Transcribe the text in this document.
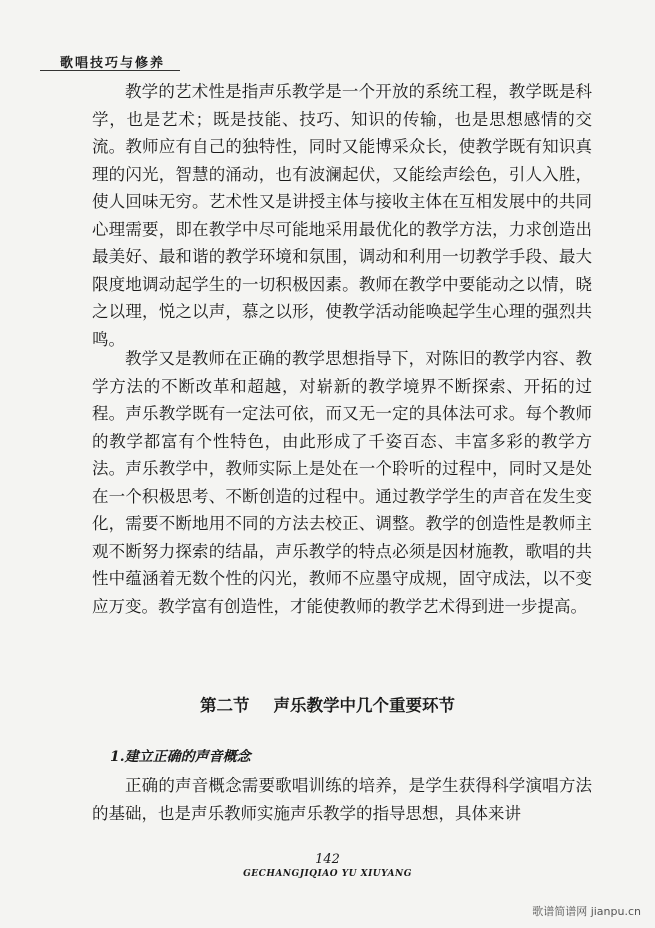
歌唱技巧与修养

教学的艺术性是指声乐教学是一个开放的系统工程，教学既是科学，也是艺术；既是技能、技巧、知识的传输，也是思想感情的交流。教师应有自己的独特性，同时又能博采众长，使教学既有知识真理的闪光，智慧的涌动，也有波澜起伏，又能绘声绘色，引人入胜，使人回味无穷。艺术性又是讲授主体与接收主体在互相发展中的共同心理需要，即在教学中尽可能地采用最优化的教学方法，力求创造出最美好、最和谐的教学环境和氛围，调动和利用一切教学手段、最大限度地调动起学生的一切积极因素。教师在教学中要能动之以情，晓之以理，悦之以声，慕之以形，使教学活动能唤起学生心理的强烈共鸣。

教学又是教师在正确的教学思想指导下，对陈旧的教学内容、教学方法的不断改革和超越，对崭新的教学境界不断探索、开拓的过程。声乐教学既有一定法可依，而又无一定的具体法可求。每个教师的教学都富有个性特色，由此形成了千姿百态、丰富多彩的教学方法。声乐教学中，教师实际上是处在一个聆听的过程中，同时又是处在一个积极思考、不断创造的过程中。通过教学学生的声音在发生变化，需要不断地用不同的方法去校正、调整。教学的创造性是教师主观不断努力探索的结晶，声乐教学的特点必须是因材施教，歌唱的共性中蕴涵着无数个性的闪光，教师不应墨守成规，固守成法，以不变应万变。教学富有创造性，才能使教师的教学艺术得到进一步提高。

第二节 声乐教学中几个重要环节
1.建立正确的声音概念

正确的声音概念需要歌唱训练的培养，是学生获得科学演唱方法的基础，也是声乐教师实施声乐教学的指导思想，具体来讲

142
GECHANGJIQIAO YU XIUYANG
歌谱简谱网 jianpu.cn
